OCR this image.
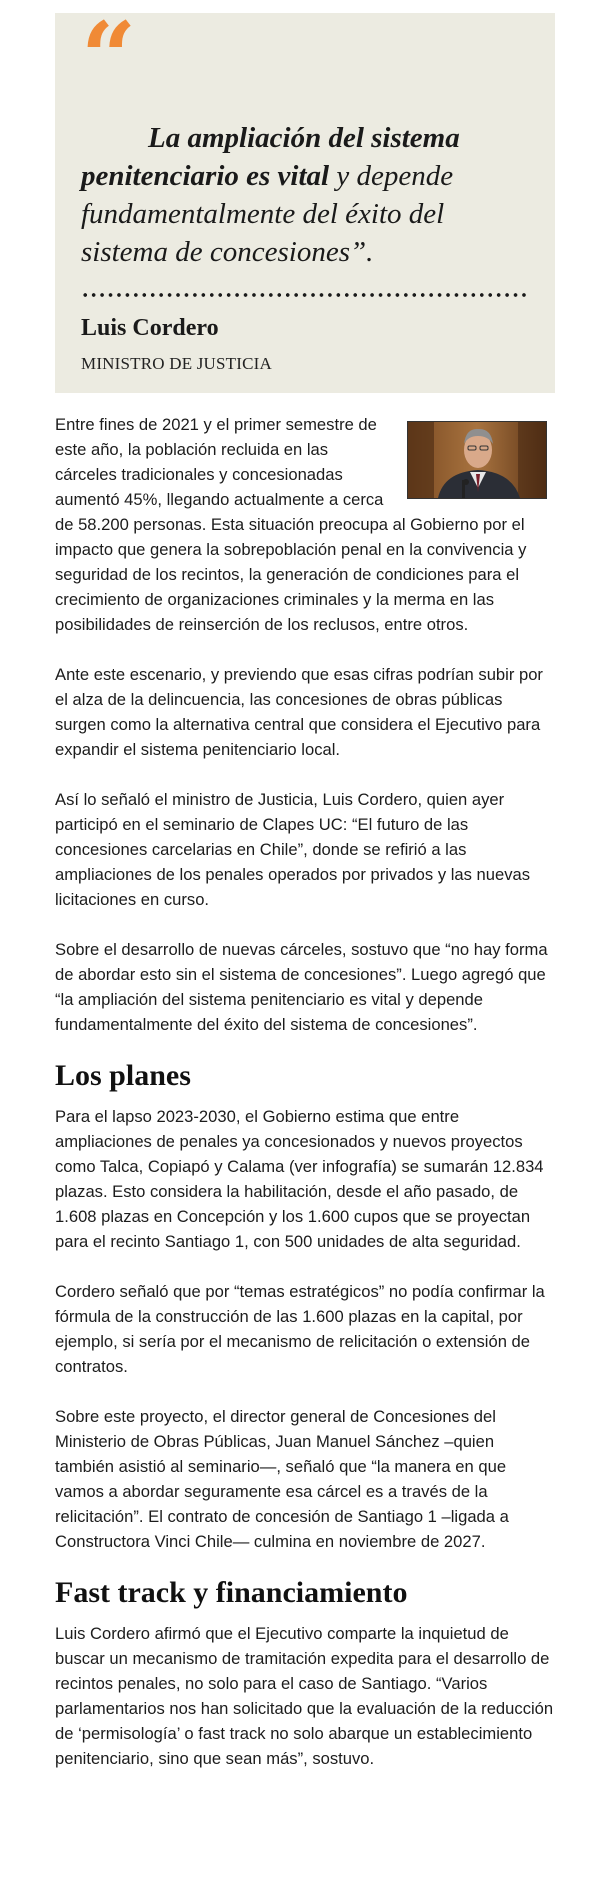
“
La ampliación del sistema penitenciario es vital y depende fundamentalmente del éxito del sistema de concesiones”.
Luis Cordero
MINISTRO DE JUSTICIA

Entre fines de 2021 y el primer semestre de este año, la población recluida en las cárceles tradicionales y concesionadas aumentó 45%, llegando actualmente a cerca de 58.200 personas. Esta situación preocupa al Gobierno por el impacto que genera la sobrepoblación penal en la convivencia y seguridad de los recintos, la generación de condiciones para el crecimiento de organizaciones criminales y la merma en las posibilidades de reinserción de los reclusos, entre otros.

Ante este escenario, y previendo que esas cifras podrían subir por el alza de la delincuencia, las concesiones de obras públicas surgen como la alternativa central que considera el Ejecutivo para expandir el sistema penitenciario local.

Así lo señaló el ministro de Justicia, Luis Cordero, quien ayer participó en el seminario de Clapes UC: “El futuro de las concesiones carcelarias en Chile”, donde se refirió a las ampliaciones de los penales operados por privados y las nuevas licitaciones en curso.

Sobre el desarrollo de nuevas cárceles, sostuvo que “no hay forma de abordar esto sin el sistema de concesiones”. Luego agregó que “la ampliación del sistema penitenciario es vital y depende fundamentalmente del éxito del sistema de concesiones”.

Los planes

Para el lapso 2023-2030, el Gobierno estima que entre ampliaciones de penales ya concesionados y nuevos proyectos como Talca, Copiapó y Calama (ver infografía) se sumarán 12.834 plazas. Esto considera la habilitación, desde el año pasado, de 1.608 plazas en Concepción y los 1.600 cupos que se proyectan para el recinto Santiago 1, con 500 unidades de alta seguridad.

Cordero señaló que por “temas estratégicos” no podía confirmar la fórmula de la construcción de las 1.600 plazas en la capital, por ejemplo, si sería por el mecanismo de relicitación o extensión de contratos.

Sobre este proyecto, el director general de Concesiones del Ministerio de Obras Públicas, Juan Manuel Sánchez –quien también asistió al seminario—, señaló que “la manera en que vamos a abordar seguramente esa cárcel es a través de la relicitación”. El contrato de concesión de Santiago 1 –ligada a Constructora Vinci Chile— culmina en noviembre de 2027.

Fast track y financiamiento

Luis Cordero afirmó que el Ejecutivo comparte la inquietud de buscar un mecanismo de tramitación expedita para el desarrollo de recintos penales, no solo para el caso de Santiago. “Varios parlamentarios nos han solicitado que la evaluación de la reducción de ‘permisología’ o fast track no solo abarque un establecimiento penitenciario, sino que sean más”, sostuvo.
